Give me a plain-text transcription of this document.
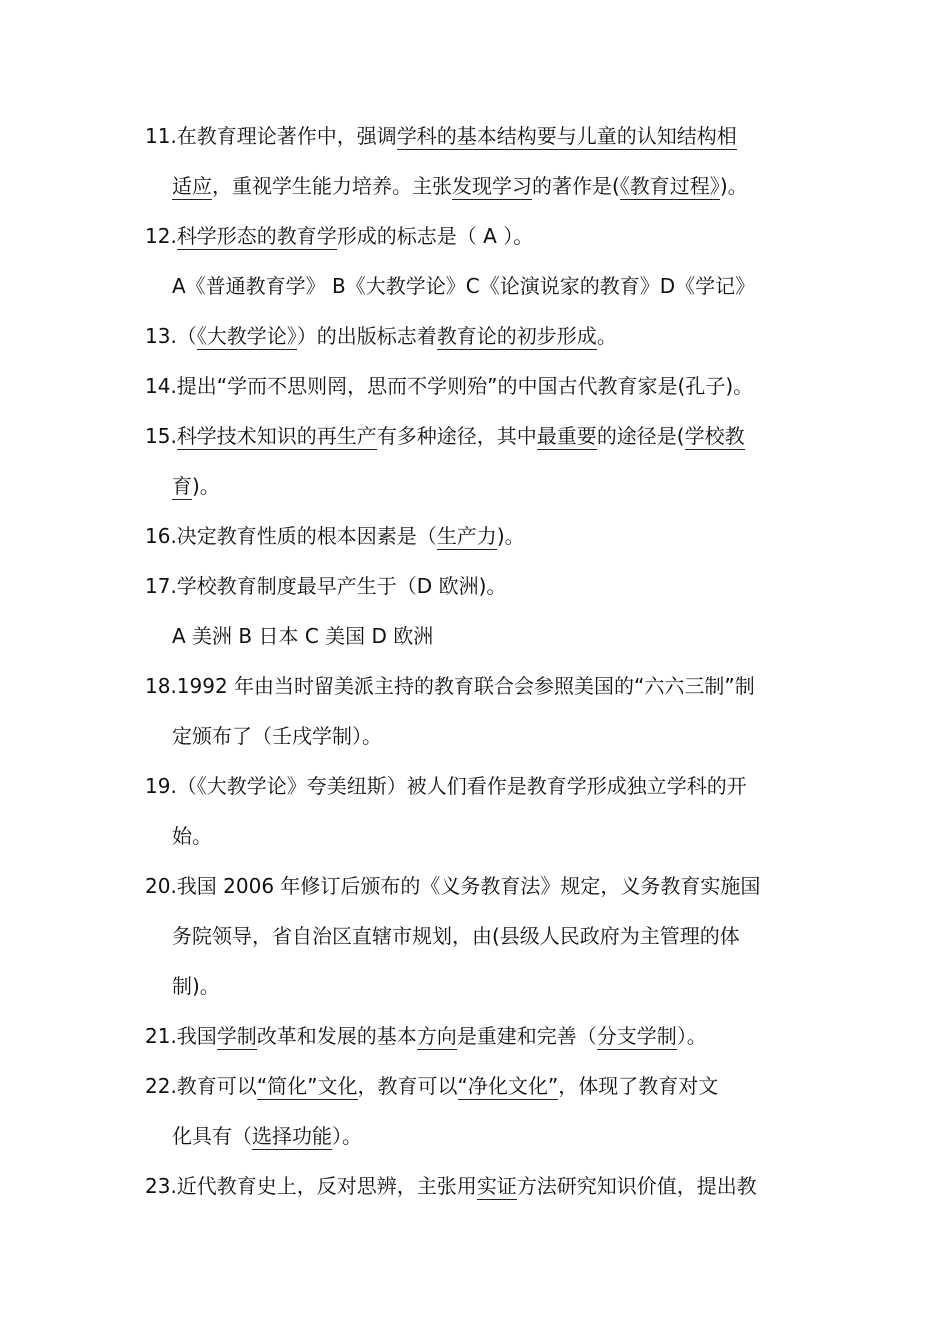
11.在教育理论著作中，强调学科的基本结构要与儿童的认知结构相
适应，重视学生能力培养。主张发现学习的著作是(《教育过程》)。
12.科学形态的教育学形成的标志是（ A ）。
A《普通教育学》 B《大教学论》C《论演说家的教育》D《学记》
13.（《大教学论》）的出版标志着教育论的初步形成。
14.提出“学而不思则罔，思而不学则殆”的中国古代教育家是(孔子)。
15.科学技术知识的再生产有多种途径，其中最重要的途径是(学校教
育)。
16.决定教育性质的根本因素是（生产力)。
17.学校教育制度最早产生于（D 欧洲)。
A 美洲 B 日本 C 美国 D 欧洲
18.1992 年由当时留美派主持的教育联合会参照美国的“六六三制”制
定颁布了（壬戌学制）。
19.（《大教学论》夸美纽斯）被人们看作是教育学形成独立学科的开
始。
20.我国 2006 年修订后颁布的《义务教育法》规定，义务教育实施国
务院领导，省自治区直辖市规划，由(县级人民政府为主管理的体
制)。
21.我国学制改革和发展的基本方向是重建和完善（分支学制）。
22.教育可以“简化”文化，教育可以“净化文化”，体现了教育对文
化具有（选择功能）。
23.近代教育史上，反对思辨，主张用实证方法研究知识价值，提出教
